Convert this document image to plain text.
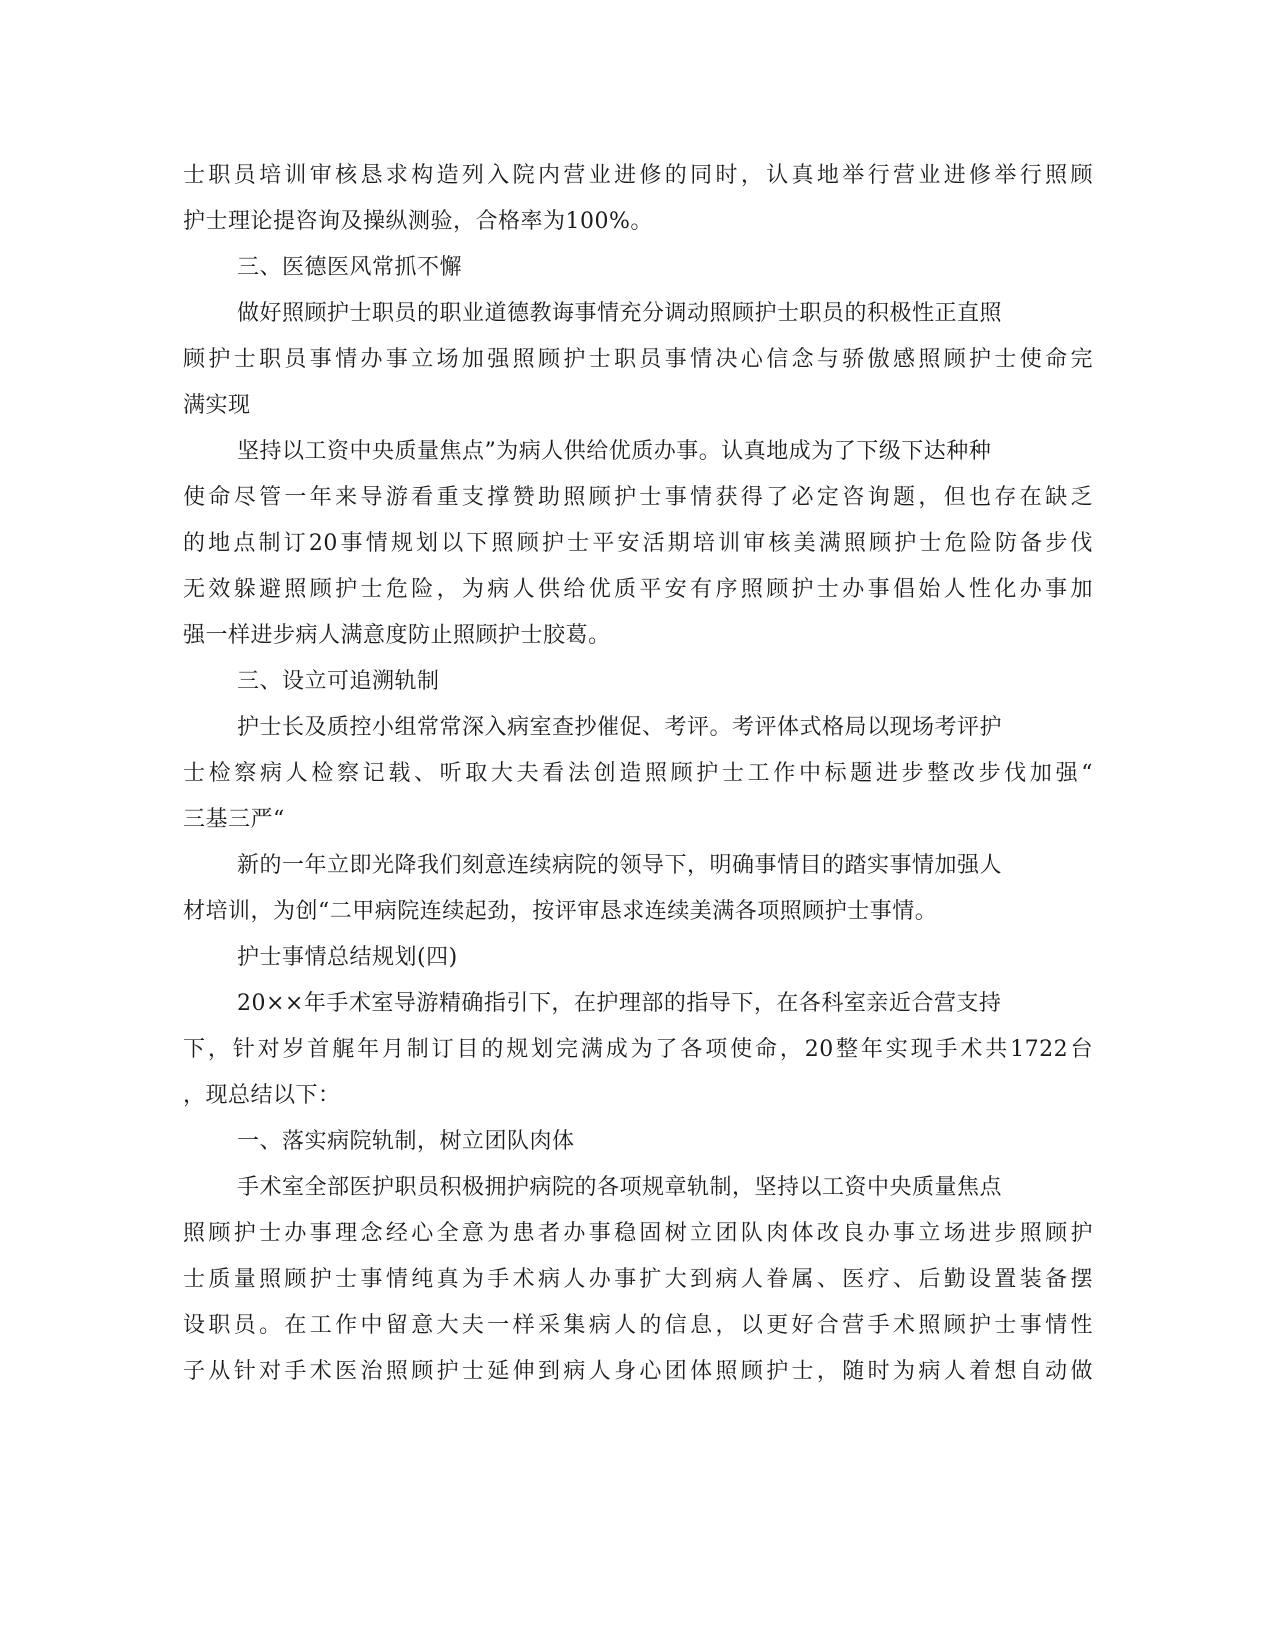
士职员培训审核恳求构造列入院内营业进修的同时，认真地举行营业进修举行照顾
护士理论提咨询及操纵测验，合格率为100%。
三、医德医风常抓不懈
做好照顾护士职员的职业道德教诲事情充分调动照顾护士职员的积极性正直照
顾护士职员事情办事立场加强照顾护士职员事情决心信念与骄傲感照顾护士使命完
满实现
坚持以工资中央质量焦点”为病人供给优质办事。认真地成为了下级下达种种
使命尽管一年来导游看重支撑赞助照顾护士事情获得了必定咨询题，但也存在缺乏
的地点制订20事情规划以下照顾护士平安活期培训审核美满照顾护士危险防备步伐
无效躲避照顾护士危险，为病人供给优质平安有序照顾护士办事倡始人性化办事加
强一样进步病人满意度防止照顾护士胶葛。
三、设立可追溯轨制
护士长及质控小组常常深入病室查抄催促、考评。考评体式格局以现场考评护
士检察病人检察记载、听取大夫看法创造照顾护士工作中标题进步整改步伐加强“
三基三严“
新的一年立即光降我们刻意连续病院的领导下，明确事情目的踏实事情加强人
材培训，为创“二甲病院连续起劲，按评审恳求连续美满各项照顾护士事情。
护士事情总结规划(四)
20××年手术室导游精确指引下，在护理部的指导下，在各科室亲近合营支持
下，针对岁首艉年月制订目的规划完满成为了各项使命，20整年实现手术共1722台
，现总结以下：
一、落实病院轨制，树立团队肉体
手术室全部医护职员积极拥护病院的各项规章轨制，坚持以工资中央质量焦点
照顾护士办事理念经心全意为患者办事稳固树立团队肉体改良办事立场进步照顾护
士质量照顾护士事情纯真为手术病人办事扩大到病人眷属、医疗、后勤设置装备摆
设职员。在工作中留意大夫一样采集病人的信息，以更好合营手术照顾护士事情性
子从针对手术医治照顾护士延伸到病人身心团体照顾护士，随时为病人着想自动做
